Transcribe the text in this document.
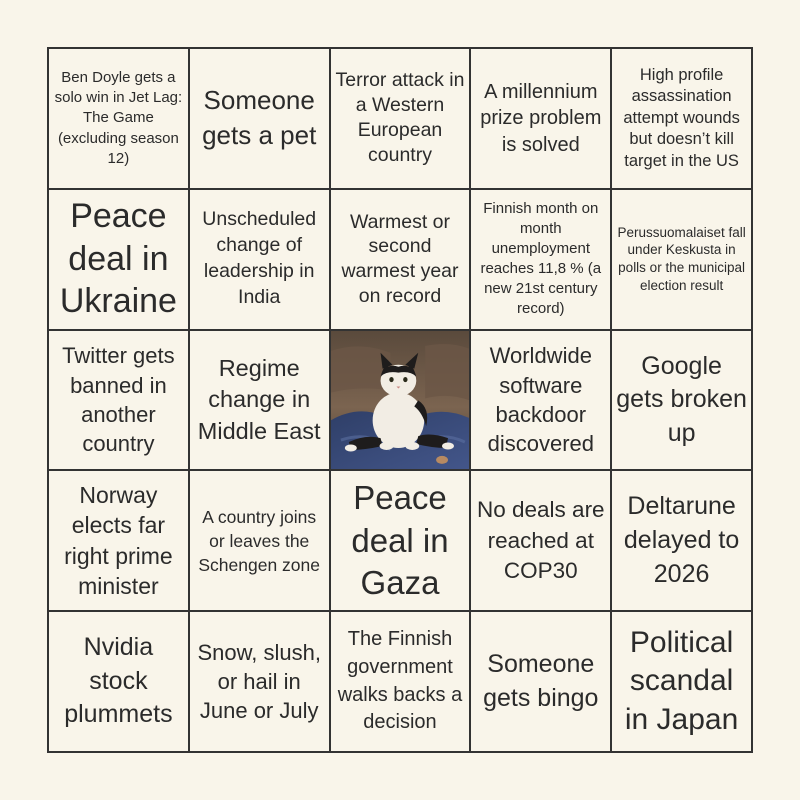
Ben Doyle gets a solo win in Jet Lag: The Game (excluding season 12)
Someone gets a pet
Terror attack in a Western European country
A millennium prize problem is solved
High profile assassination attempt wounds but doesn’t kill target in the US
Peace deal in Ukraine
Unscheduled change of leadership in India
Warmest or second warmest year on record
Finnish month on month unemployment reaches 11,8 % (a new 21st century record)
Perussuomalaiset fall under Keskusta in polls or the municipal election result
Twitter gets banned in another country
Regime change in Middle East
Worldwide software backdoor discovered
Google gets broken up
Norway elects far right prime minister
A country joins or leaves the Schengen zone
Peace deal in Gaza
No deals are reached at COP30
Deltarune delayed to 2026
Nvidia stock plummets
Snow, slush, or hail in June or July
The Finnish government walks backs a decision
Someone gets bingo
Political scandal in Japan
